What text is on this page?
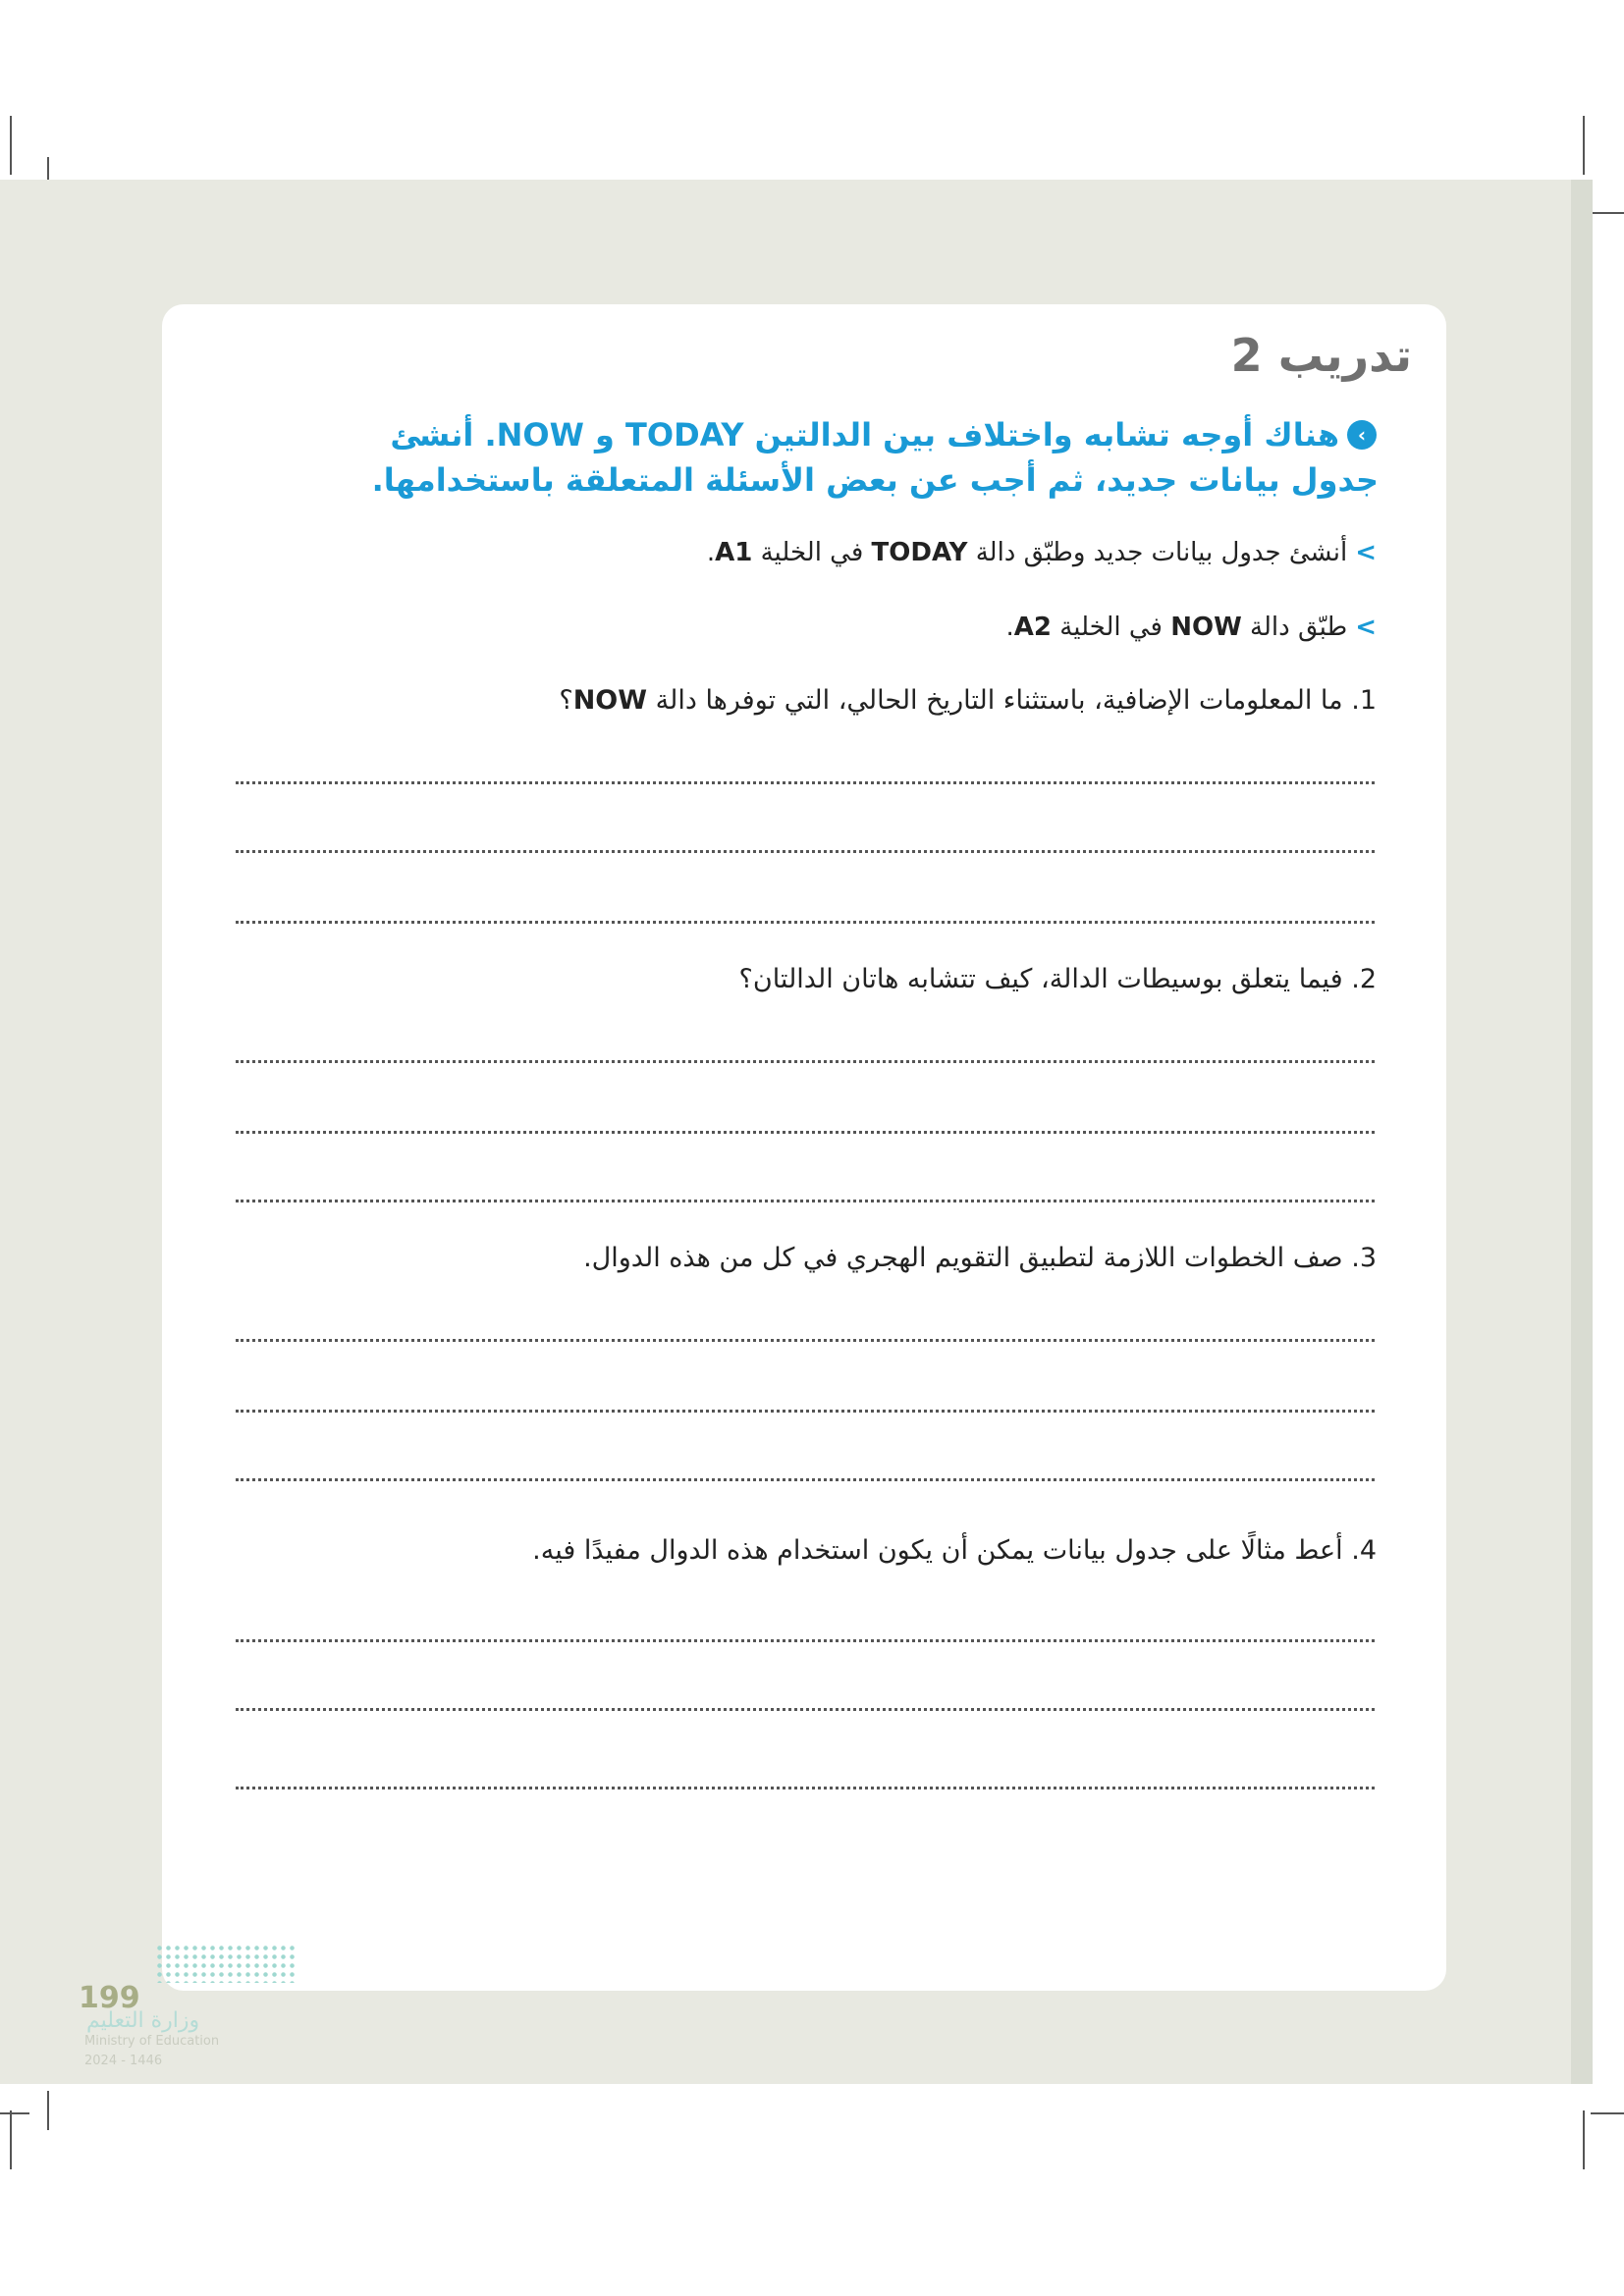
تدريب 2
‹
هناك أوجه تشابه واختلاف بين الدالتين TODAY و NOW. أنشئ جدول بيانات جديد، ثم أجب عن بعض الأسئلة المتعلقة باستخدامها.
>أنشئ جدول بيانات جديد وطبّق دالة TODAY في الخلية A1.
>طبّق دالة NOW في الخلية A2.
1. ما المعلومات الإضافية، باستثناء التاريخ الحالي، التي توفرها دالة NOW؟
2. فيما يتعلق بوسيطات الدالة، كيف تتشابه هاتان الدالتان؟
3. صف الخطوات اللازمة لتطبيق التقويم الهجري في كل من هذه الدوال.
4. أعط مثالًا على جدول بيانات يمكن أن يكون استخدام هذه الدوال مفيدًا فيه.
199
وزارة التعليم
Ministry of Education
2024 - 1446
